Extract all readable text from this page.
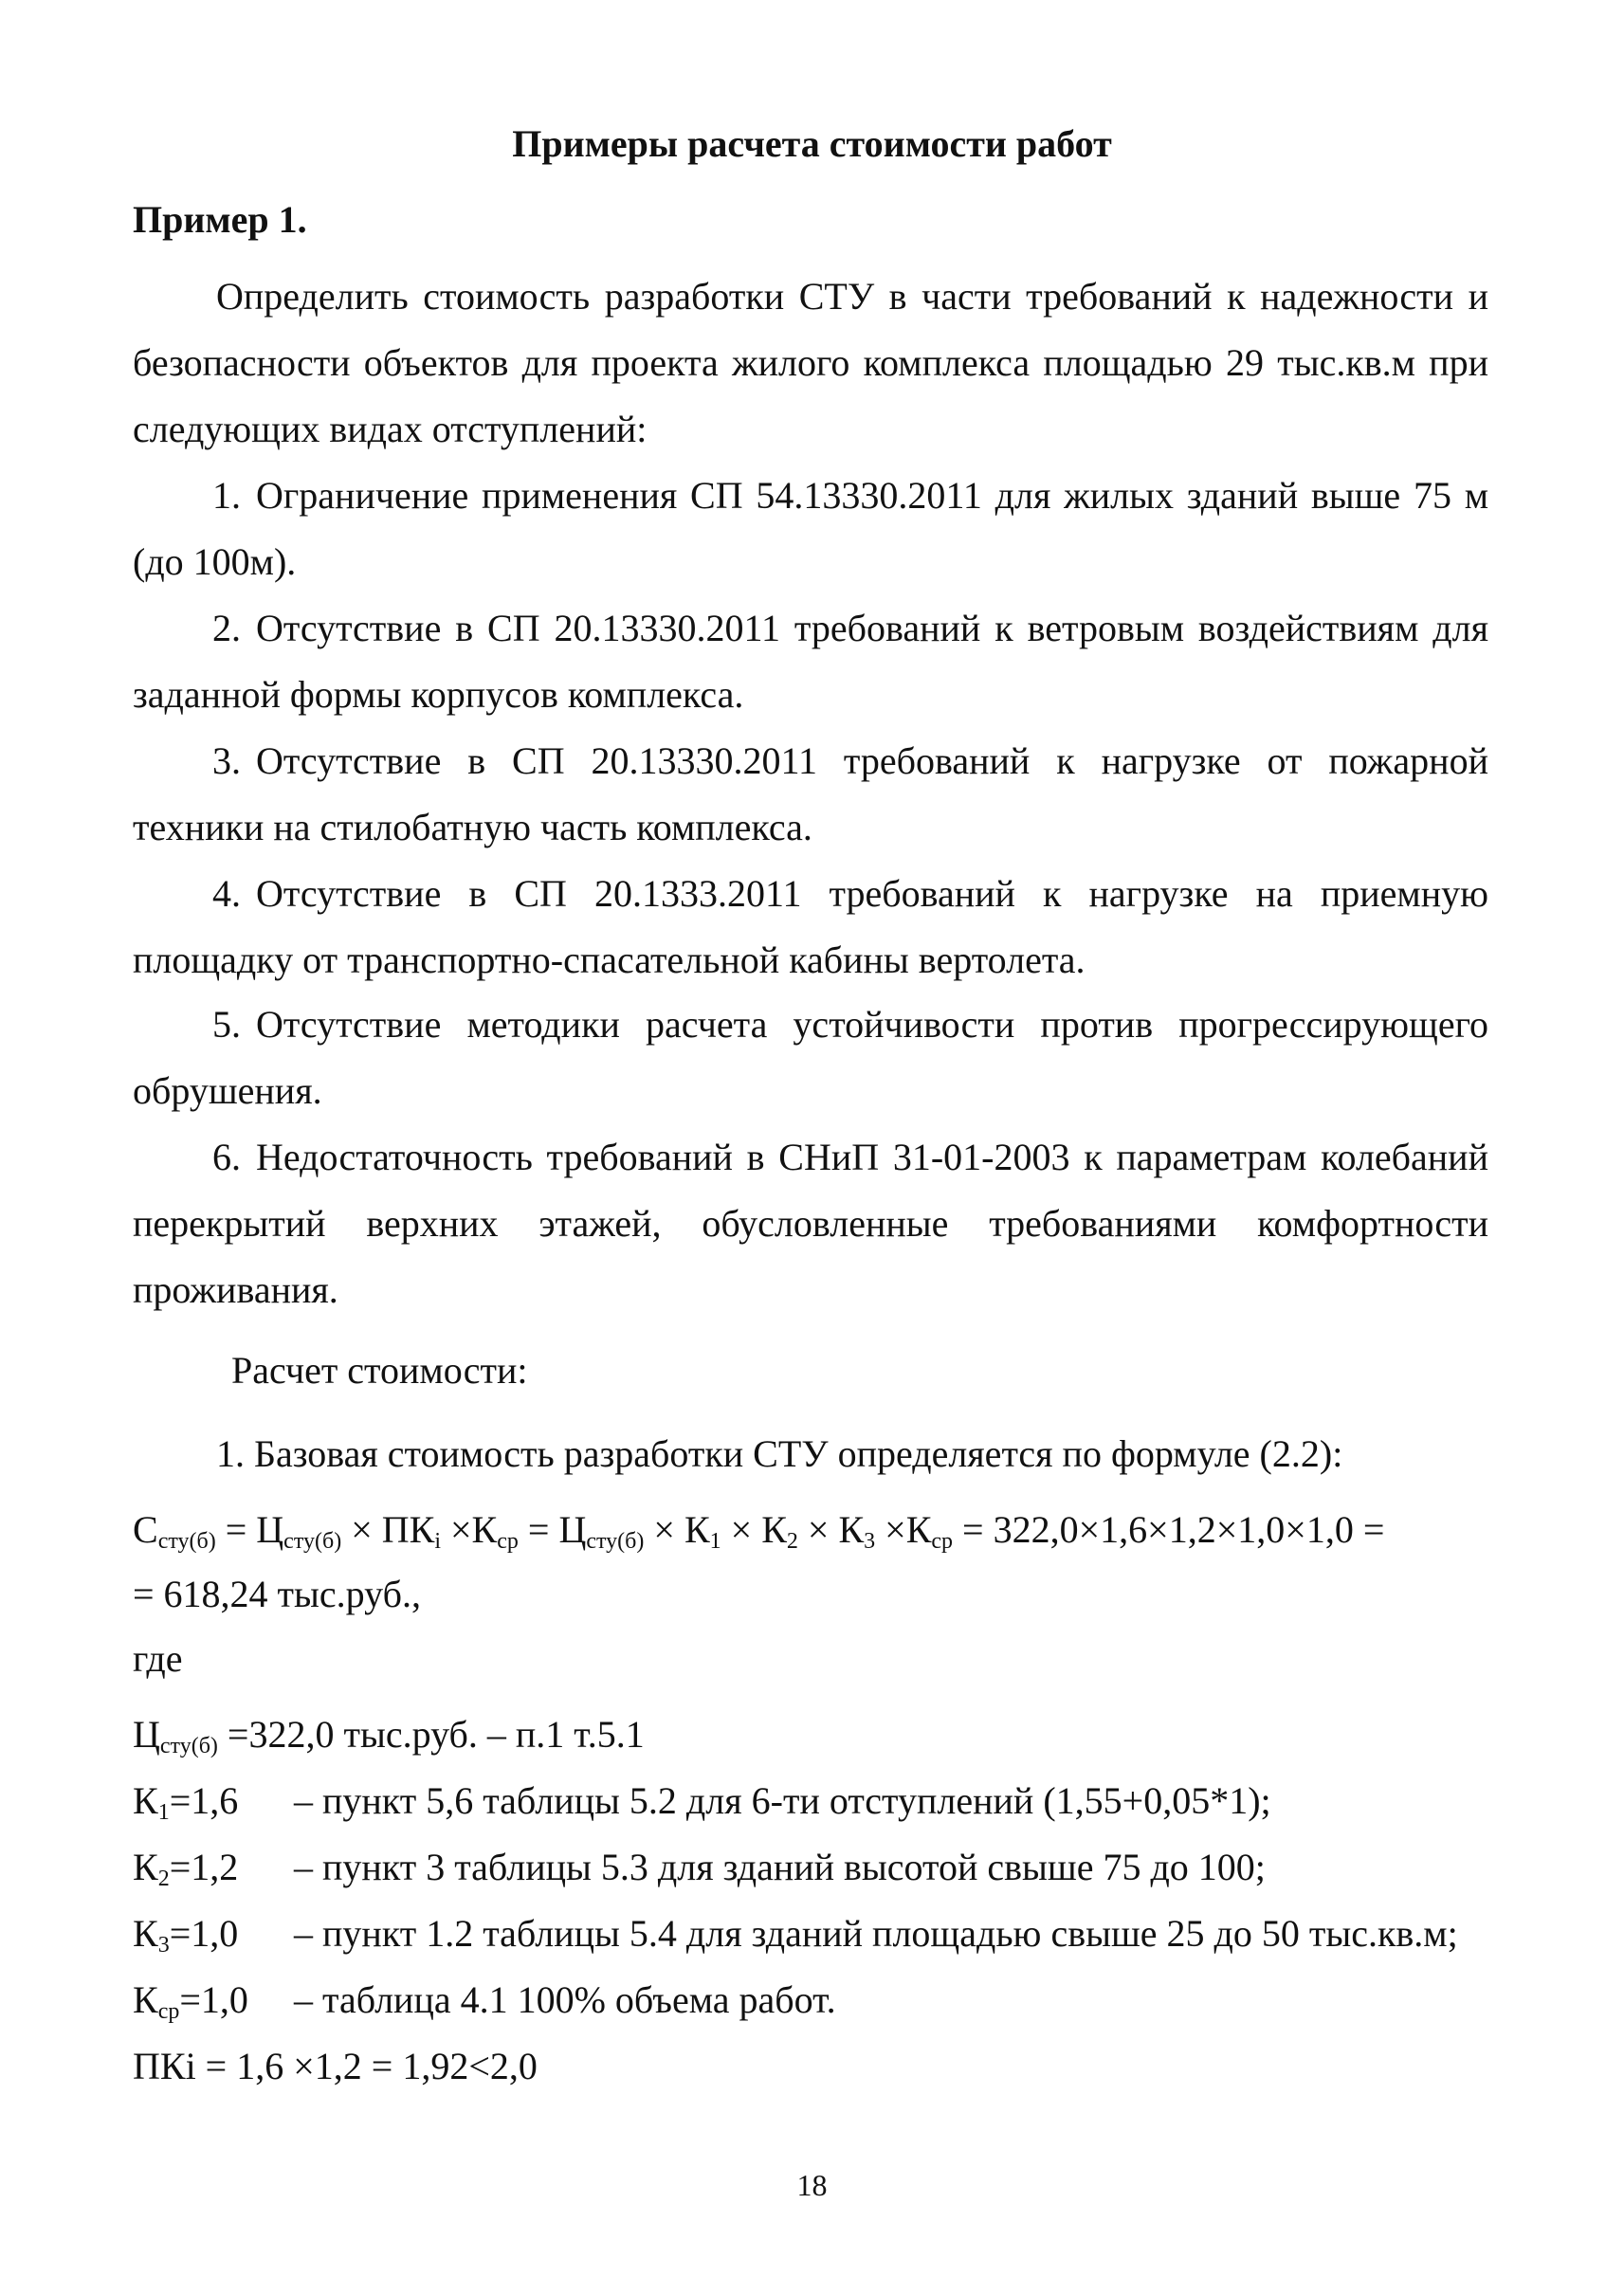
Примеры расчета стоимости работ
Пример 1.
Определить стоимость разработки СТУ в части требований к надежности и безопасности объектов для проекта жилого комплекса площадью 29 тыс.кв.м при следующих видах отступлений:
1. Ограничение применения СП 54.13330.2011 для жилых зданий выше 75 м (до 100м).
2. Отсутствие в СП 20.13330.2011 требований к ветровым воздействиям для заданной формы корпусов комплекса.
3. Отсутствие в СП 20.13330.2011 требований к нагрузке от пожарной техники на стилобатную часть комплекса.
4. Отсутствие в СП 20.1333.2011 требований к нагрузке на приемную площадку от транспортно-спасательной кабины вертолета.
5. Отсутствие методики расчета устойчивости против прогрессирующего обрушения.
6. Недостаточность требований в СНиП 31-01-2003 к параметрам колебаний перекрытий верхних этажей, обусловленные требованиями комфортности проживания.
Расчет стоимости:
1. Базовая стоимость разработки СТУ определяется по формуле (2.2):
$С_{сту(б)} = Ц_{сту(б)} \times ПК_i \times К_{ср} = Ц_{сту(б)} \times К_1 \times К_2 \times К_3 \times К_{ср} = 322,0\times 1,6\times 1,2\times 1,0\times 1,0$ =
= 618,24 тыс.руб.,
где
$Ц_{сту(б)} =322,0$ тыс.руб. – п.1 т.5.1
$К_1=1,6$ – пункт 5,6 таблицы 5.2 для 6-ти отступлений (1,55+0,05*1);
$К_2=1,2$ – пункт 3 таблицы 5.3 для зданий высотой свыше 75 до 100;
$К_3=1,0$ – пункт 1.2 таблицы 5.4 для зданий площадью свыше 25 до 50 тыс.кв.м;
$К_{ср}=1,0$ – таблица 4.1 100% объема работ.
ПКi = 1,6 ×1,2 = 1,92<2,0
18
